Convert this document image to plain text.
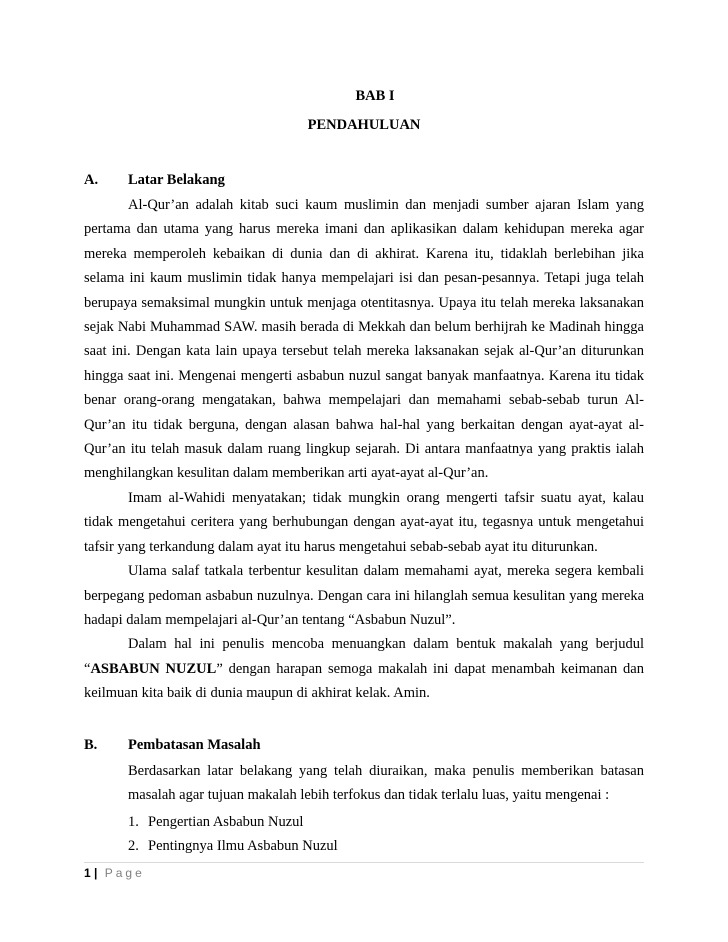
BAB I
PENDAHULUAN
A. Latar Belakang

Al-Qur’an adalah kitab suci kaum muslimin dan menjadi sumber ajaran Islam yang pertama dan utama yang harus mereka imani dan aplikasikan dalam kehidupan mereka agar mereka memperoleh kebaikan di dunia dan di akhirat. Karena itu, tidaklah berlebihan jika selama ini kaum muslimin tidak hanya mempelajari isi dan pesan-pesannya. Tetapi juga telah berupaya semaksimal mungkin untuk menjaga otentitasnya. Upaya itu telah mereka laksanakan sejak Nabi Muhammad SAW. masih berada di Mekkah dan belum berhijrah ke Madinah hingga saat ini. Dengan kata lain upaya tersebut telah mereka laksanakan sejak al-Qur’an diturunkan hingga saat ini. Mengenai mengerti asbabun nuzul sangat banyak manfaatnya. Karena itu tidak benar orang-orang mengatakan, bahwa mempelajari dan memahami sebab-sebab turun Al-Qur’an itu tidak berguna, dengan alasan bahwa hal-hal yang berkaitan dengan ayat-ayat al-Qur’an itu telah masuk dalam ruang lingkup sejarah. Di antara manfaatnya yang praktis ialah menghilangkan kesulitan dalam memberikan arti ayat-ayat al-Qur’an.

Imam al-Wahidi menyatakan; tidak mungkin orang mengerti tafsir suatu ayat, kalau tidak mengetahui ceritera yang berhubungan dengan ayat-ayat itu, tegasnya untuk mengetahui tafsir yang terkandung dalam ayat itu harus mengetahui sebab-sebab ayat itu diturunkan.

Ulama salaf tatkala terbentur kesulitan dalam memahami ayat, mereka segera kembali berpegang pedoman asbabun nuzulnya. Dengan cara ini hilanglah semua kesulitan yang mereka hadapi dalam mempelajari al-Qur’an tentang “Asbabun Nuzul”.

Dalam hal ini penulis mencoba menuangkan dalam bentuk makalah yang berjudul “ASBABUN NUZUL” dengan harapan semoga makalah ini dapat menambah keimanan dan keilmuan kita baik di dunia maupun di akhirat kelak. Amin.

B. Pembatasan Masalah

Berdasarkan latar belakang yang telah diuraikan, maka penulis memberikan batasan masalah agar tujuan makalah lebih terfokus dan tidak terlalu luas, yaitu mengenai :

1. Pengertian Asbabun Nuzul
2. Pentingnya Ilmu Asbabun Nuzul
1 | Page
